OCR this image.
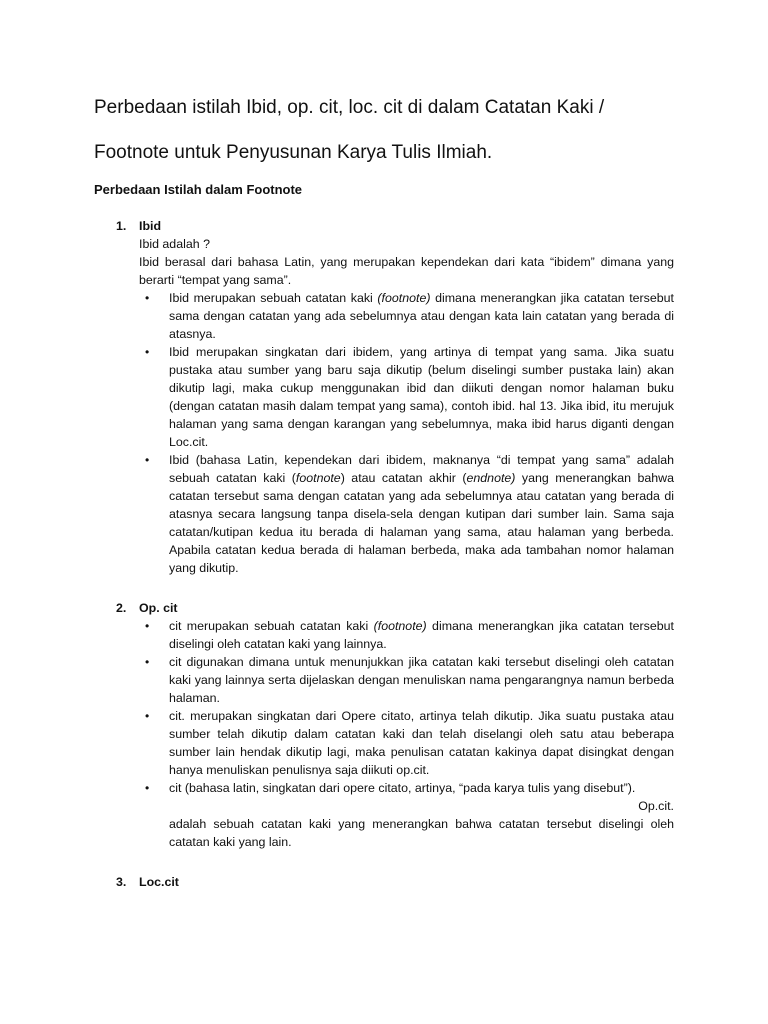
Perbedaan istilah Ibid, op. cit, loc. cit di dalam Catatan Kaki /
Footnote untuk Penyusunan Karya Tulis Ilmiah.
Perbedaan Istilah dalam Footnote
1. Ibid
Ibid adalah ?
Ibid berasal dari bahasa Latin, yang merupakan kependekan dari kata “ibidem” dimana yang berarti “tempat yang sama”.
• Ibid merupakan sebuah catatan kaki (footnote) dimana menerangkan jika catatan tersebut sama dengan catatan yang ada sebelumnya atau dengan kata lain catatan yang berada di atasnya.
• Ibid merupakan singkatan dari ibidem, yang artinya di tempat yang sama. Jika suatu pustaka atau sumber yang baru saja dikutip (belum diselingi sumber pustaka lain) akan dikutip lagi, maka cukup menggunakan ibid dan diikuti dengan nomor halaman buku (dengan catatan masih dalam tempat yang sama), contoh ibid. hal 13. Jika ibid, itu merujuk halaman yang sama dengan karangan yang sebelumnya, maka ibid harus diganti dengan Loc.cit.
• Ibid (bahasa Latin, kependekan dari ibidem, maknanya “di tempat yang sama” adalah sebuah catatan kaki (footnote) atau catatan akhir (endnote) yang menerangkan bahwa catatan tersebut sama dengan catatan yang ada sebelumnya atau catatan yang berada di atasnya secara langsung tanpa disela-sela dengan kutipan dari sumber lain. Sama saja catatan/kutipan kedua itu berada di halaman yang sama, atau halaman yang berbeda. Apabila catatan kedua berada di halaman berbeda, maka ada tambahan nomor halaman yang dikutip.
2. Op. cit
• cit merupakan sebuah catatan kaki (footnote) dimana menerangkan jika catatan tersebut diselingi oleh catatan kaki yang lainnya.
• cit digunakan dimana untuk menunjukkan jika catatan kaki tersebut diselingi oleh catatan kaki yang lainnya serta dijelaskan dengan menuliskan nama pengarangnya namun berbeda halaman.
• cit. merupakan singkatan dari Opere citato, artinya telah dikutip. Jika suatu pustaka atau sumber telah dikutip dalam catatan kaki dan telah diselangi oleh satu atau beberapa sumber lain hendak dikutip lagi, maka penulisan catatan kakinya dapat disingkat dengan hanya menuliskan penulisnya saja diikuti op.cit.
• cit (bahasa latin, singkatan dari opere citato, artinya, “pada karya tulis yang disebut”).
Op.cit.
adalah sebuah catatan kaki yang menerangkan bahwa catatan tersebut diselingi oleh catatan kaki yang lain.
3. Loc.cit
